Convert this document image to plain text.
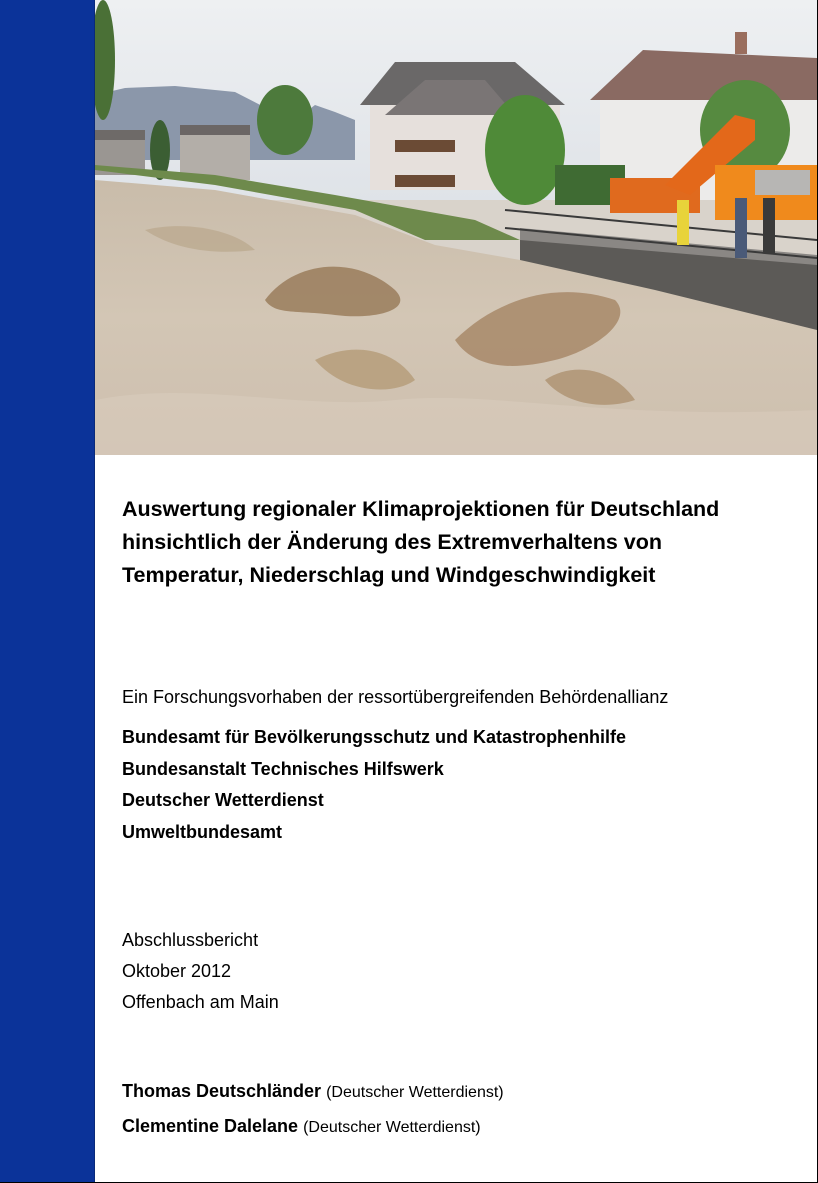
Auswertung regionaler Klimaprojektionen für Deutschland
hinsichtlich der Änderung des Extremverhaltens von
Temperatur, Niederschlag und Windgeschwindigkeit
Ein Forschungsvorhaben der ressortübergreifenden Behördenallianz
Bundesamt für Bevölkerungsschutz und Katastrophenhilfe
Bundesanstalt Technisches Hilfswerk
Deutscher Wetterdienst
Umweltbundesamt
Abschlussbericht
Oktober 2012
Offenbach am Main
Thomas Deutschländer (Deutscher Wetterdienst)
Clementine Dalelane (Deutscher Wetterdienst)
